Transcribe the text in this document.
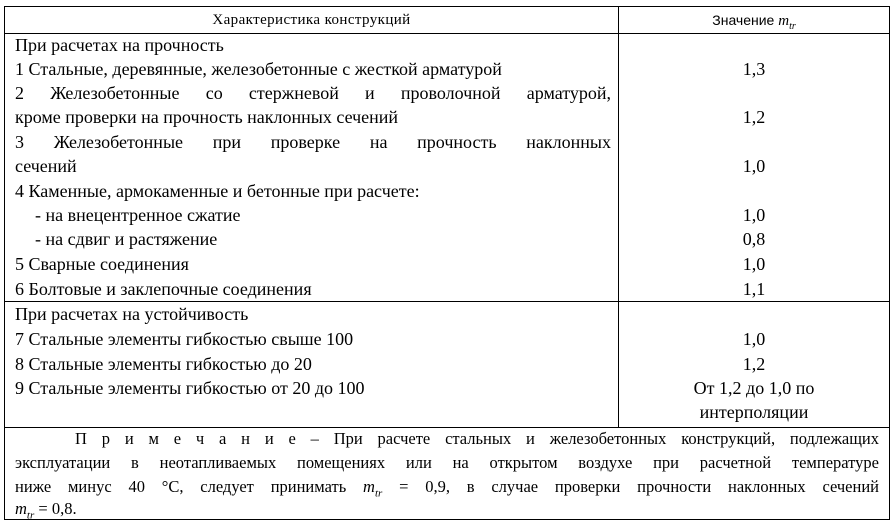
Характеристика конструкций	Значение $m_{tr}$
При расчетах на прочность
1 Стальные, деревянные, железобетонные с жесткой арматурой	1,3
2 Железобетонные со стержневой и проволочной арматурой,
кроме проверки на прочность наклонных сечений	1,2
3 Железобетонные при проверке на прочность наклонных
сечений	1,0
4 Каменные, армокаменные и бетонные при расчете:
- на внецентренное сжатие	1,0
- на сдвиг и растяжение	0,8
5 Сварные соединения	1,0
6 Болтовые и заклепочные соединения	1,1
При расчетах на устойчивость
7 Стальные элементы гибкостью свыше 100	1,0
8 Стальные элементы гибкостью до 20	1,2
9 Стальные элементы гибкостью от 20 до 100	От 1,2 до 1,0 по
интерполяции
П р и м е ч а н и е – При расчете стальных и железобетонных конструкций, подлежащих
эксплуатации в неотапливаемых помещениях или на открытом воздухе при расчетной температуре
ниже минус 40 °С, следует принимать $m_{tr} = 0,9$, в случае проверки прочности наклонных сечений
$m_{tr} = 0,8$.
